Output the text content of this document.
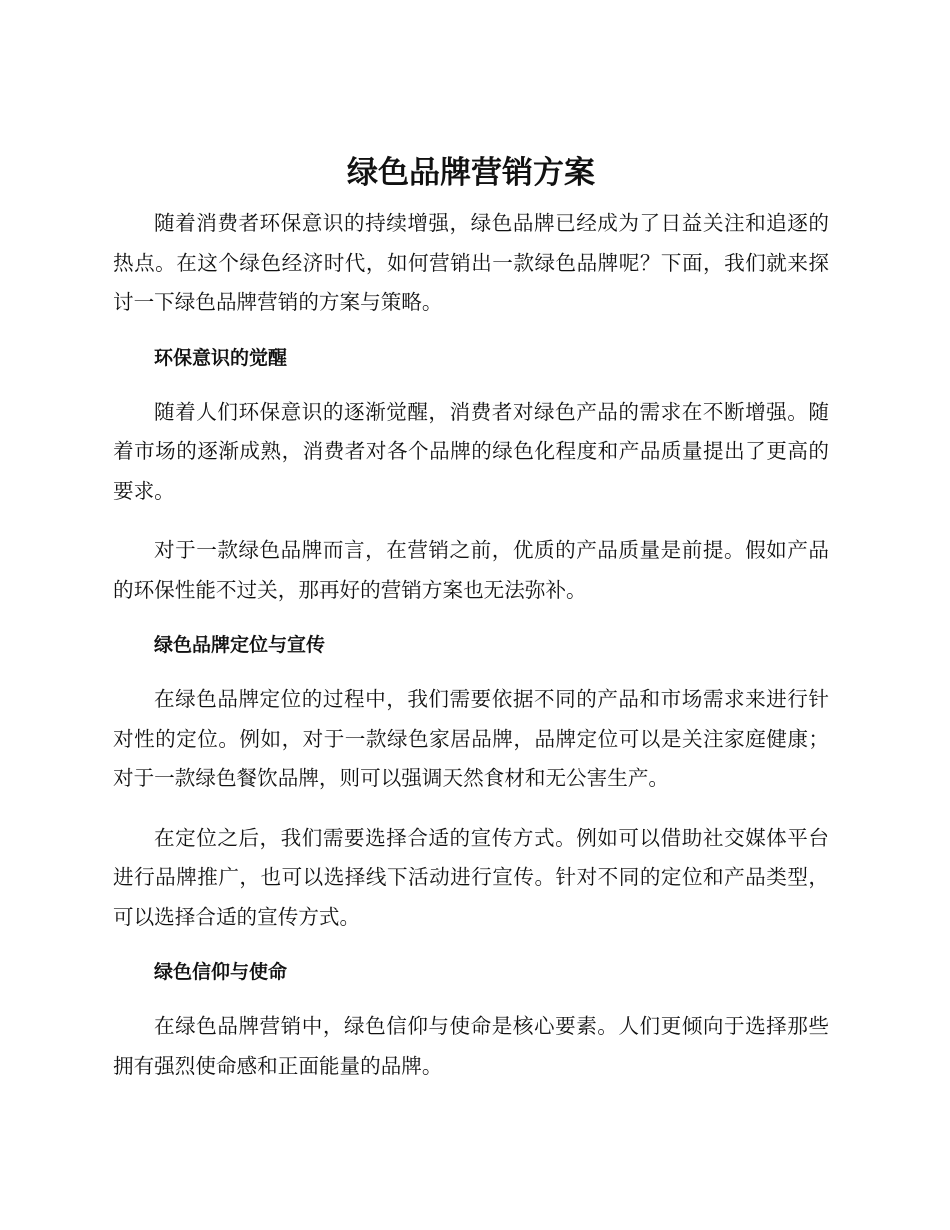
绿色品牌营销方案

随着消费者环保意识的持续增强，绿色品牌已经成为了日益关注和追逐的热点。在这个绿色经济时代，如何营销出一款绿色品牌呢？下面，我们就来探讨一下绿色品牌营销的方案与策略。

环保意识的觉醒

随着人们环保意识的逐渐觉醒，消费者对绿色产品的需求在不断增强。随着市场的逐渐成熟，消费者对各个品牌的绿色化程度和产品质量提出了更高的要求。

对于一款绿色品牌而言，在营销之前，优质的产品质量是前提。假如产品的环保性能不过关，那再好的营销方案也无法弥补。

绿色品牌定位与宣传

在绿色品牌定位的过程中，我们需要依据不同的产品和市场需求来进行针对性的定位。例如，对于一款绿色家居品牌，品牌定位可以是关注家庭健康；对于一款绿色餐饮品牌，则可以强调天然食材和无公害生产。

在定位之后，我们需要选择合适的宣传方式。例如可以借助社交媒体平台进行品牌推广，也可以选择线下活动进行宣传。针对不同的定位和产品类型，可以选择合适的宣传方式。

绿色信仰与使命

在绿色品牌营销中，绿色信仰与使命是核心要素。人们更倾向于选择那些拥有强烈使命感和正面能量的品牌。
